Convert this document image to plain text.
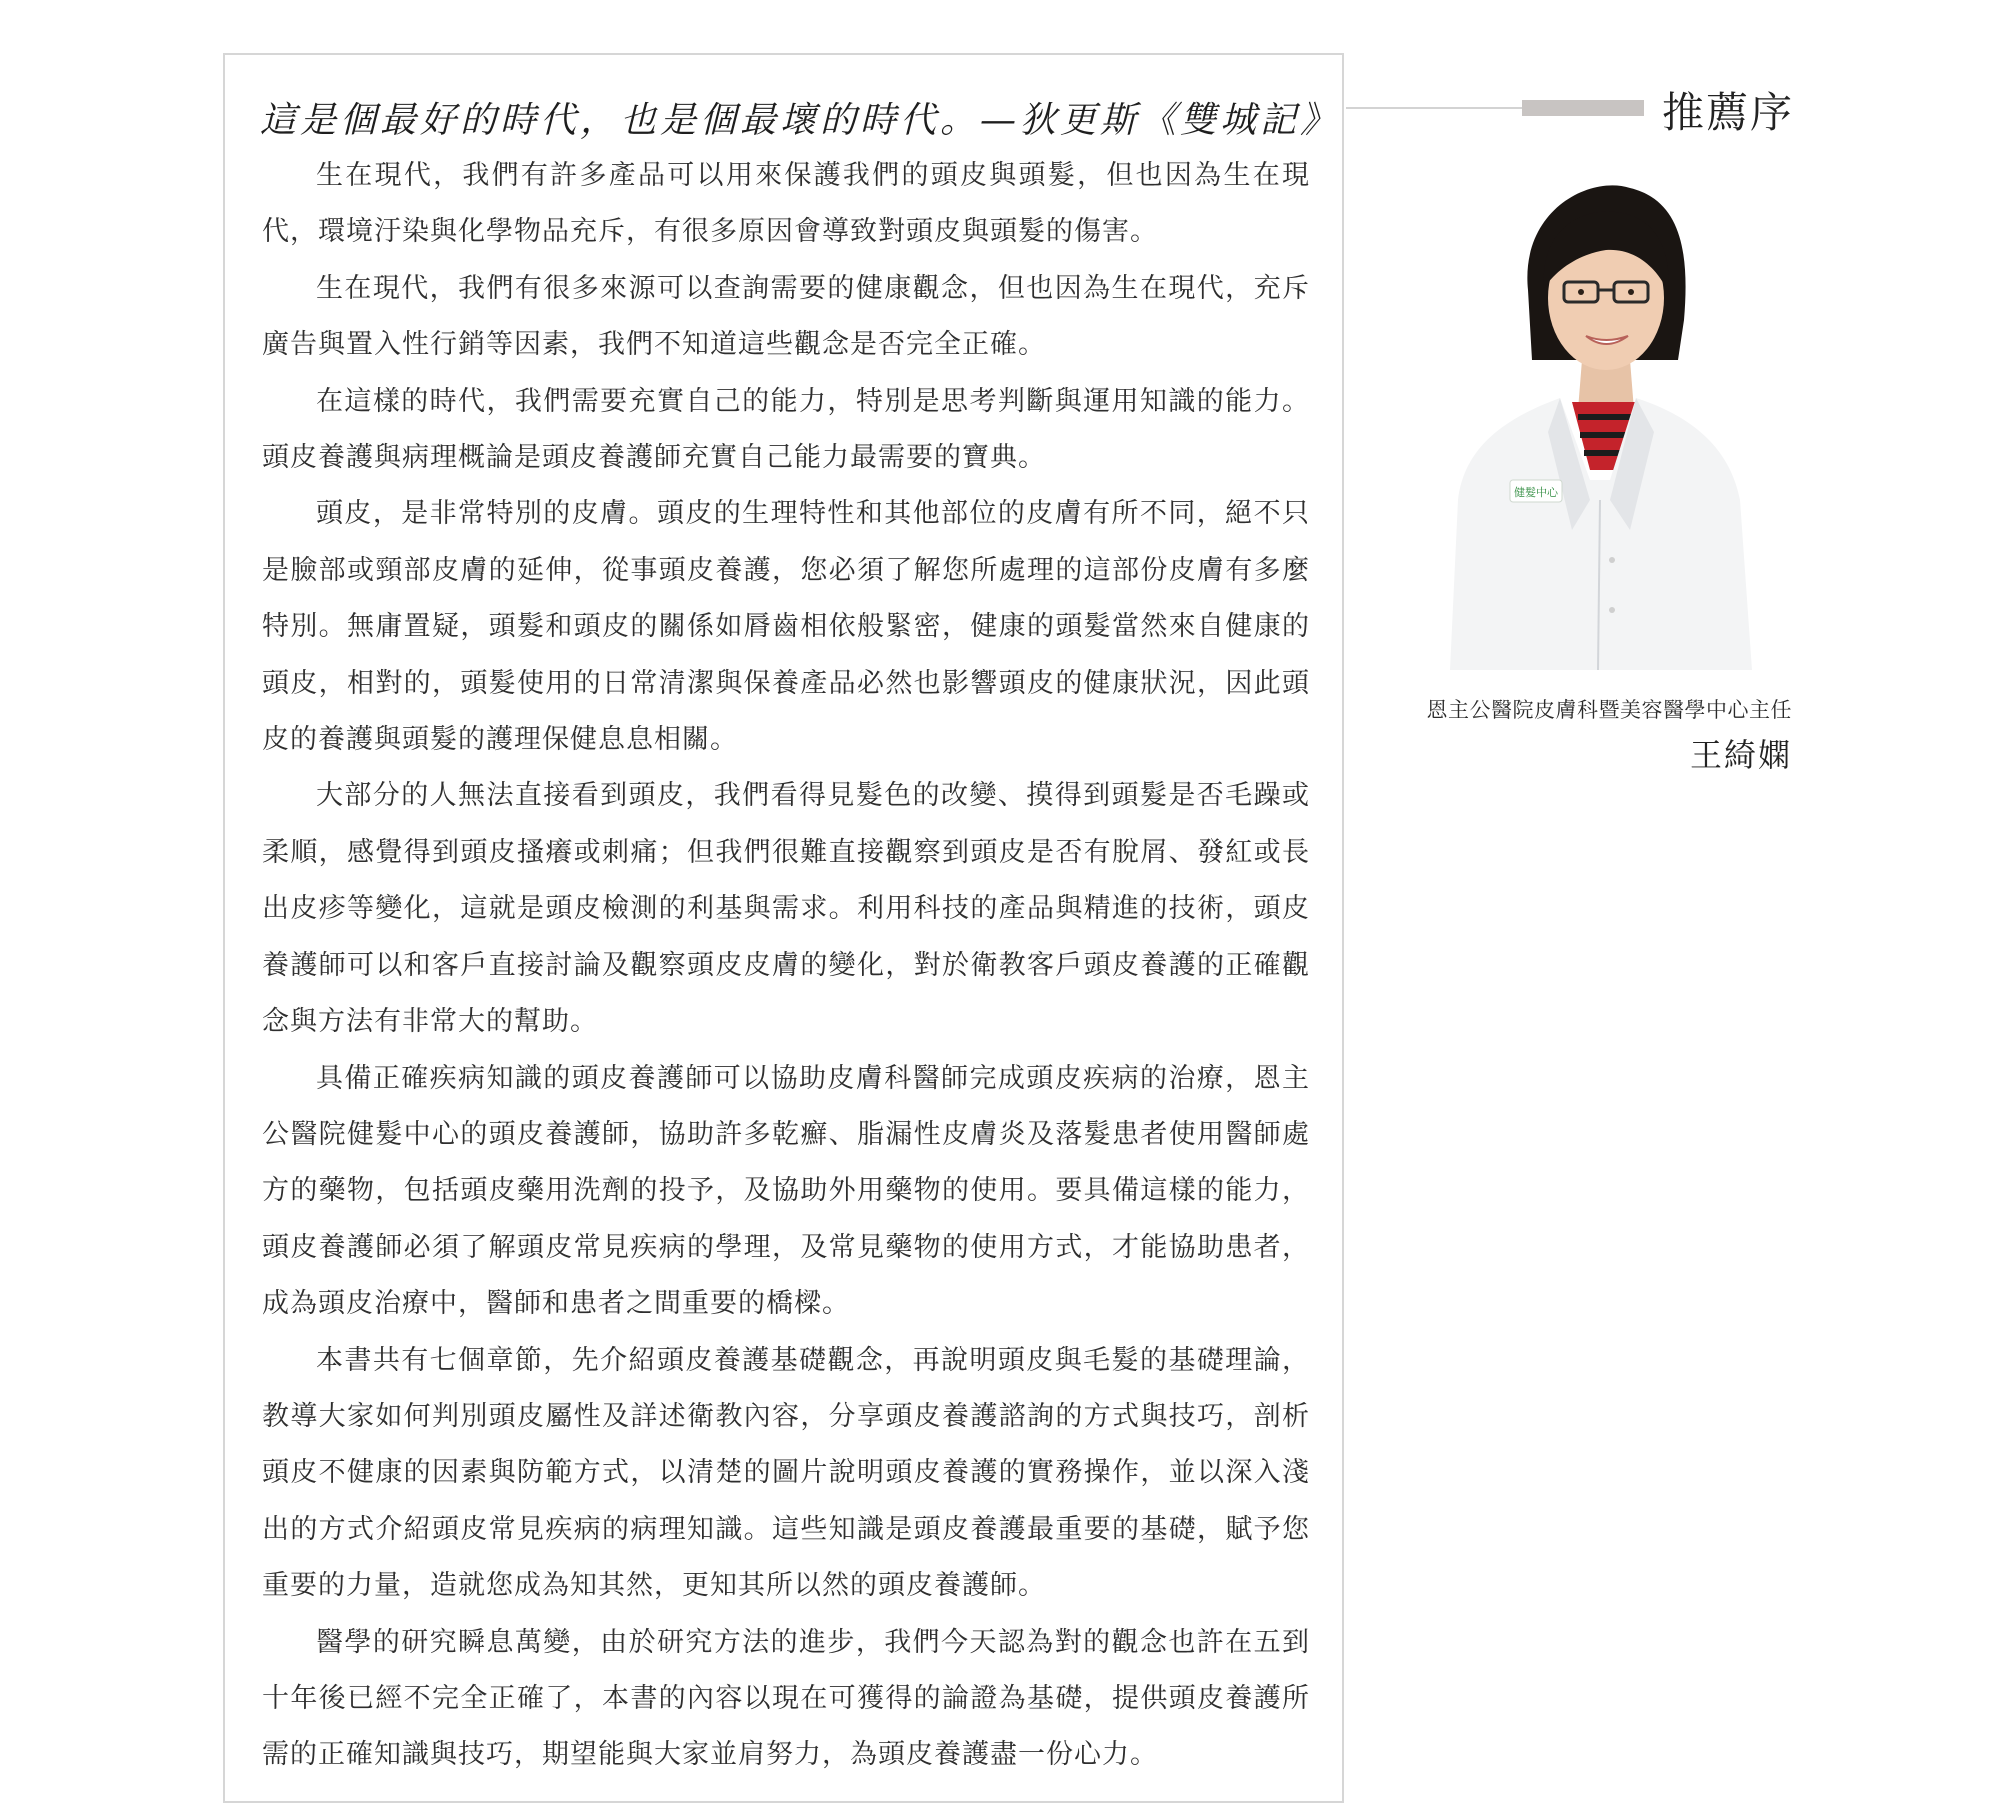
這是個最好的時代，也是個最壞的時代。—狄更斯《雙城記》

生在現代，我們有許多產品可以用來保護我們的頭皮與頭髮，但也因為生在現代，環境汙染與化學物品充斥，有很多原因會導致對頭皮與頭髮的傷害。

生在現代，我們有很多來源可以查詢需要的健康觀念，但也因為生在現代，充斥廣告與置入性行銷等因素，我們不知道這些觀念是否完全正確。

在這樣的時代，我們需要充實自己的能力，特別是思考判斷與運用知識的能力。頭皮養護與病理概論是頭皮養護師充實自己能力最需要的寶典。

頭皮，是非常特別的皮膚。頭皮的生理特性和其他部位的皮膚有所不同，絕不只是臉部或頸部皮膚的延伸，從事頭皮養護，您必須了解您所處理的這部份皮膚有多麼特別。無庸置疑，頭髮和頭皮的關係如脣齒相依般緊密，健康的頭髮當然來自健康的頭皮，相對的，頭髮使用的日常清潔與保養產品必然也影響頭皮的健康狀況，因此頭皮的養護與頭髮的護理保健息息相關。

大部分的人無法直接看到頭皮，我們看得見髮色的改變、摸得到頭髮是否毛躁或柔順，感覺得到頭皮搔癢或刺痛；但我們很難直接觀察到頭皮是否有脫屑、發紅或長出皮疹等變化，這就是頭皮檢測的利基與需求。利用科技的產品與精進的技術，頭皮養護師可以和客戶直接討論及觀察頭皮皮膚的變化，對於衛教客戶頭皮養護的正確觀念與方法有非常大的幫助。

具備正確疾病知識的頭皮養護師可以協助皮膚科醫師完成頭皮疾病的治療，恩主公醫院健髮中心的頭皮養護師，協助許多乾癬、脂漏性皮膚炎及落髮患者使用醫師處方的藥物，包括頭皮藥用洗劑的投予，及協助外用藥物的使用。要具備這樣的能力，頭皮養護師必須了解頭皮常見疾病的學理，及常見藥物的使用方式，才能協助患者，成為頭皮治療中，醫師和患者之間重要的橋樑。

本書共有七個章節，先介紹頭皮養護基礎觀念，再說明頭皮與毛髮的基礎理論，教導大家如何判別頭皮屬性及詳述衛教內容，分享頭皮養護諮詢的方式與技巧，剖析頭皮不健康的因素與防範方式，以清楚的圖片說明頭皮養護的實務操作，並以深入淺出的方式介紹頭皮常見疾病的病理知識。這些知識是頭皮養護最重要的基礎，賦予您重要的力量，造就您成為知其然，更知其所以然的頭皮養護師。

醫學的研究瞬息萬變，由於研究方法的進步，我們今天認為對的觀念也許在五到十年後已經不完全正確了，本書的內容以現在可獲得的論證為基礎，提供頭皮養護所需的正確知識與技巧，期望能與大家並肩努力，為頭皮養護盡一份心力。

推薦序
健髮中心
恩主公醫院皮膚科暨美容醫學中心主任
王綺嫻
